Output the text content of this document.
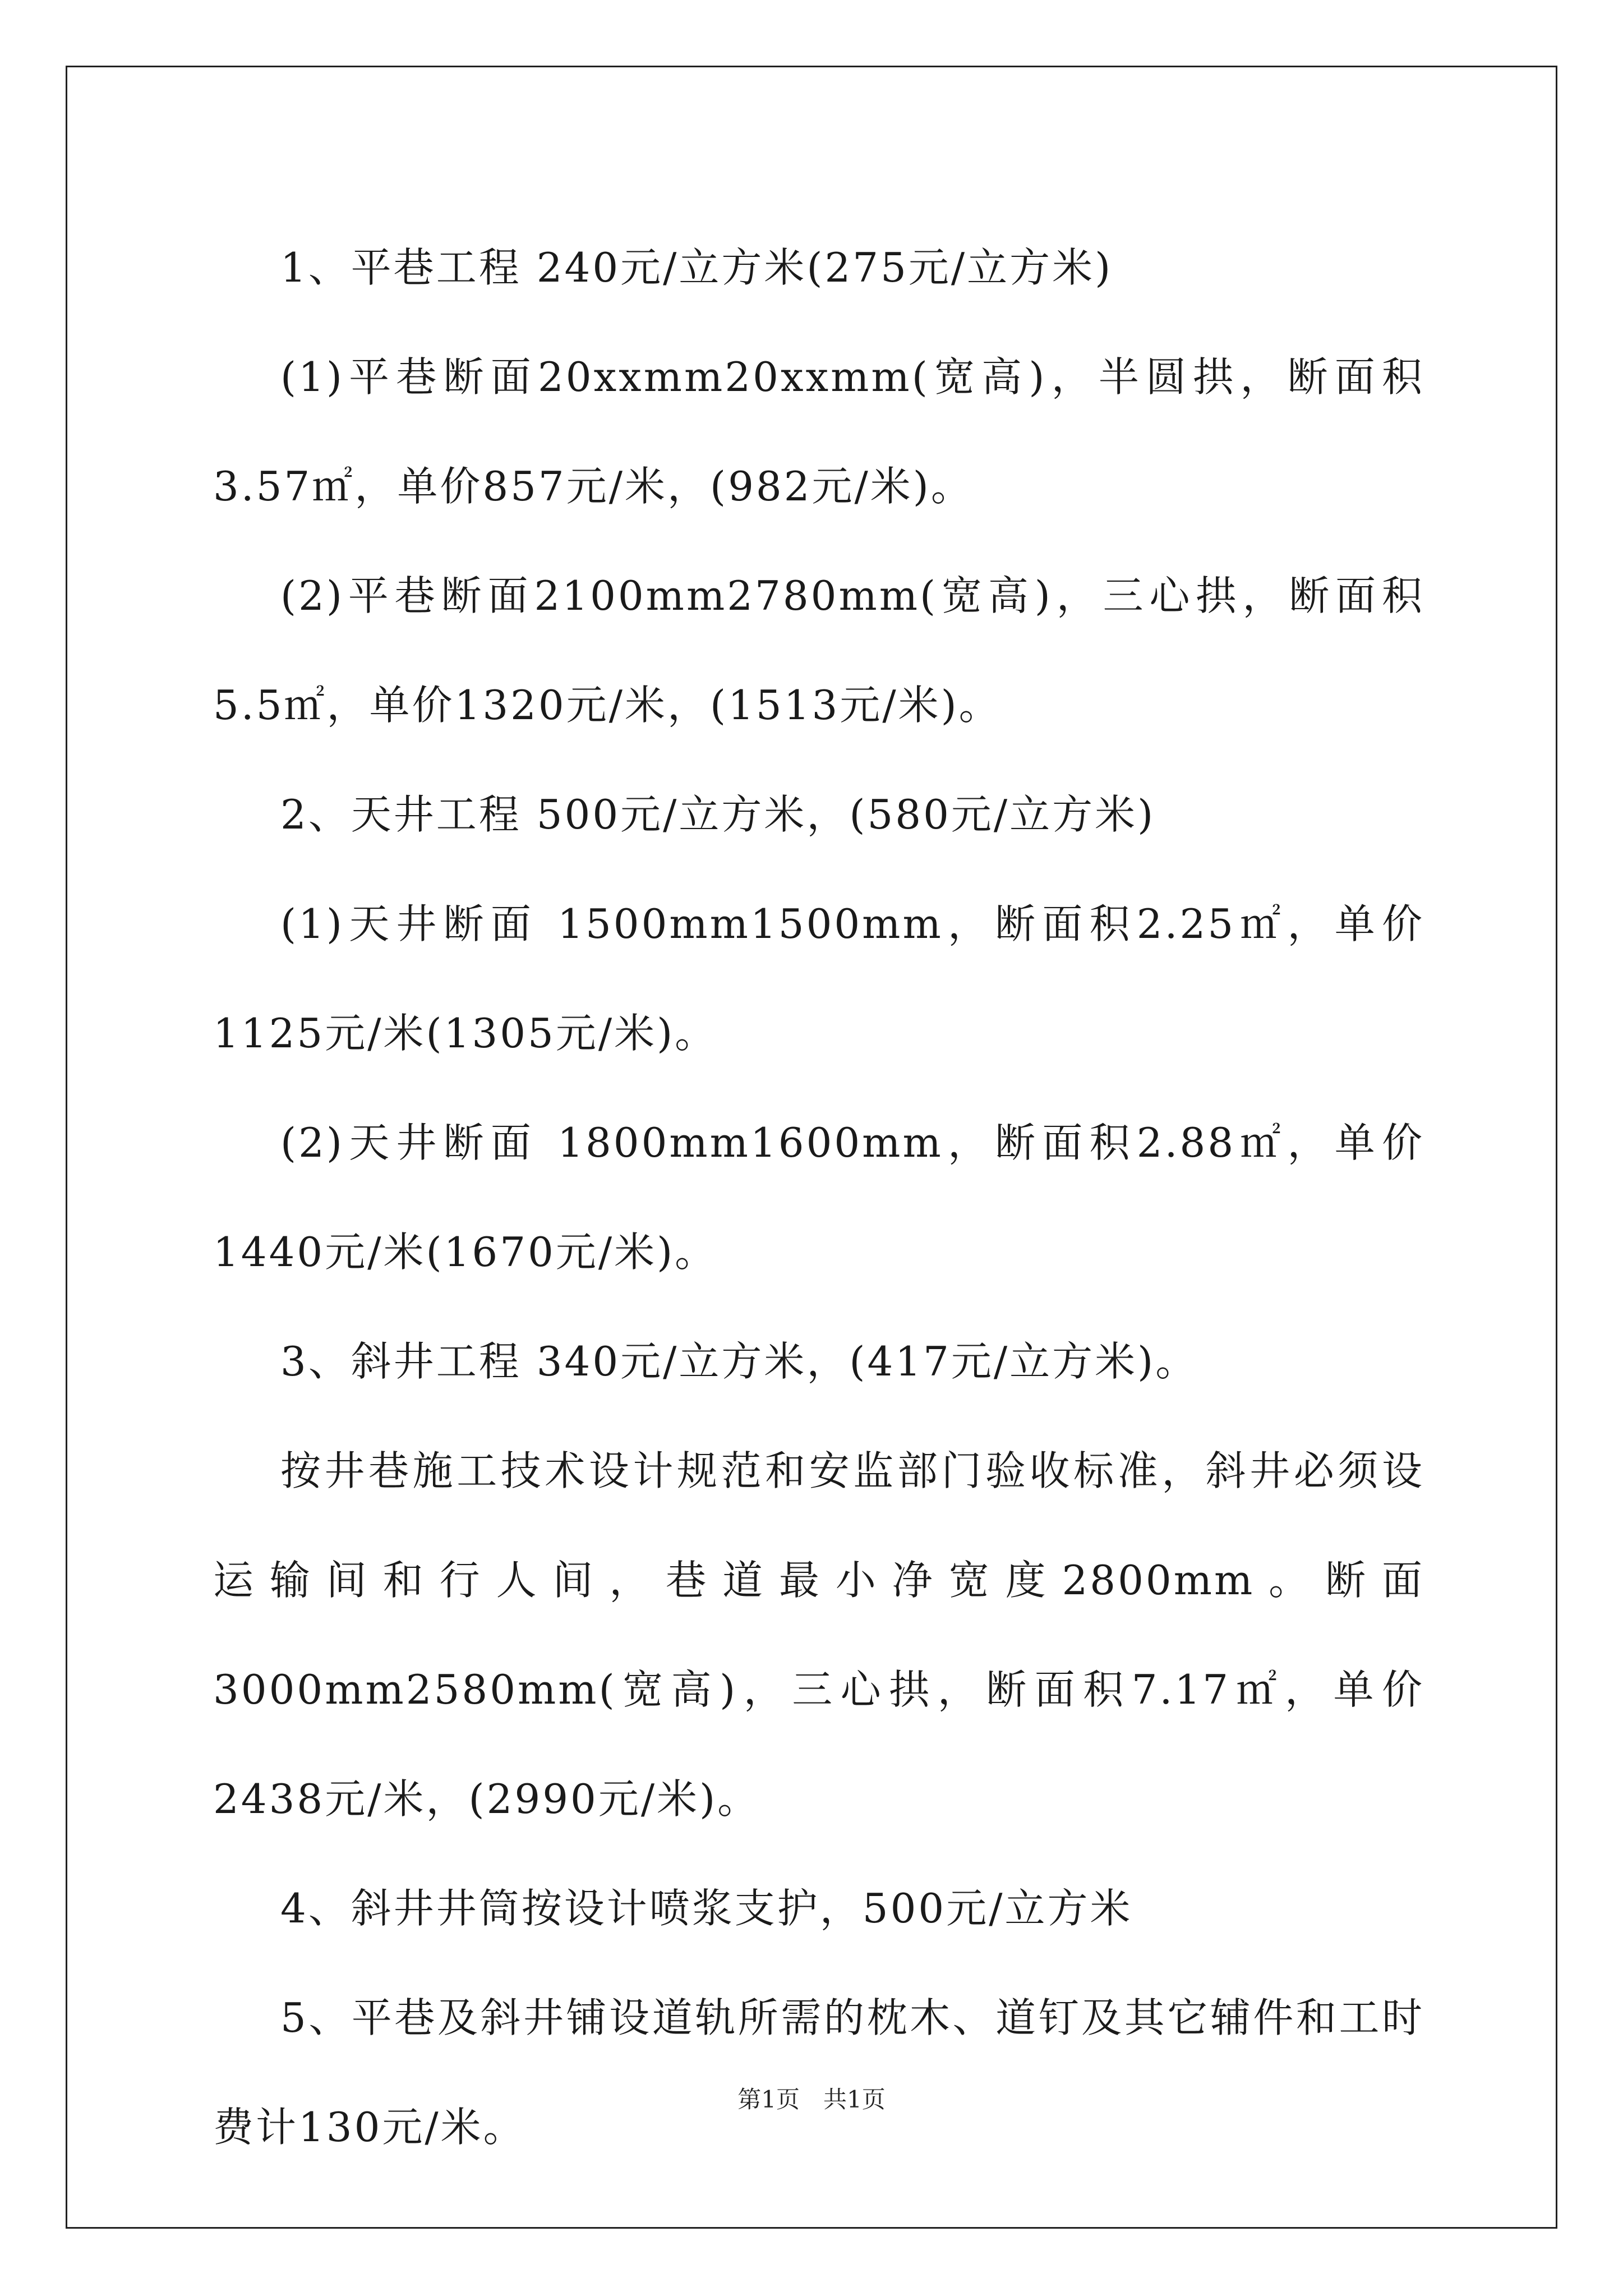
1、平巷工程 240元/立方米(275元/立方米)

(1)平巷断面20xxmm20xxmm(宽高)，半圆拱，断面积3.57㎡，单价857元/米，(982元/米)。

(2)平巷断面2100mm2780mm(宽高)，三心拱，断面积5.5㎡，单价1320元/米，(1513元/米)。

2、天井工程 500元/立方米，(580元/立方米)

(1)天井断面 1500mm1500mm，断面积2.25㎡，单价1125元/米(1305元/米)。

(2)天井断面 1800mm1600mm，断面积2.88㎡，单价1440元/米(1670元/米)。

3、斜井工程 340元/立方米，(417元/立方米)。

按井巷施工技术设计规范和安监部门验收标准，斜井必须设运输间和行人间，巷道最小净宽度2800mm。断面3000mm2580mm(宽高)，三心拱，断面积7.17㎡，单价2438元/米，(2990元/米)。

4、斜井井筒按设计喷浆支护，500元/立方米

5、平巷及斜井铺设道轨所需的枕木、道钉及其它辅件和工时费计130元/米。

第1页　共1页
